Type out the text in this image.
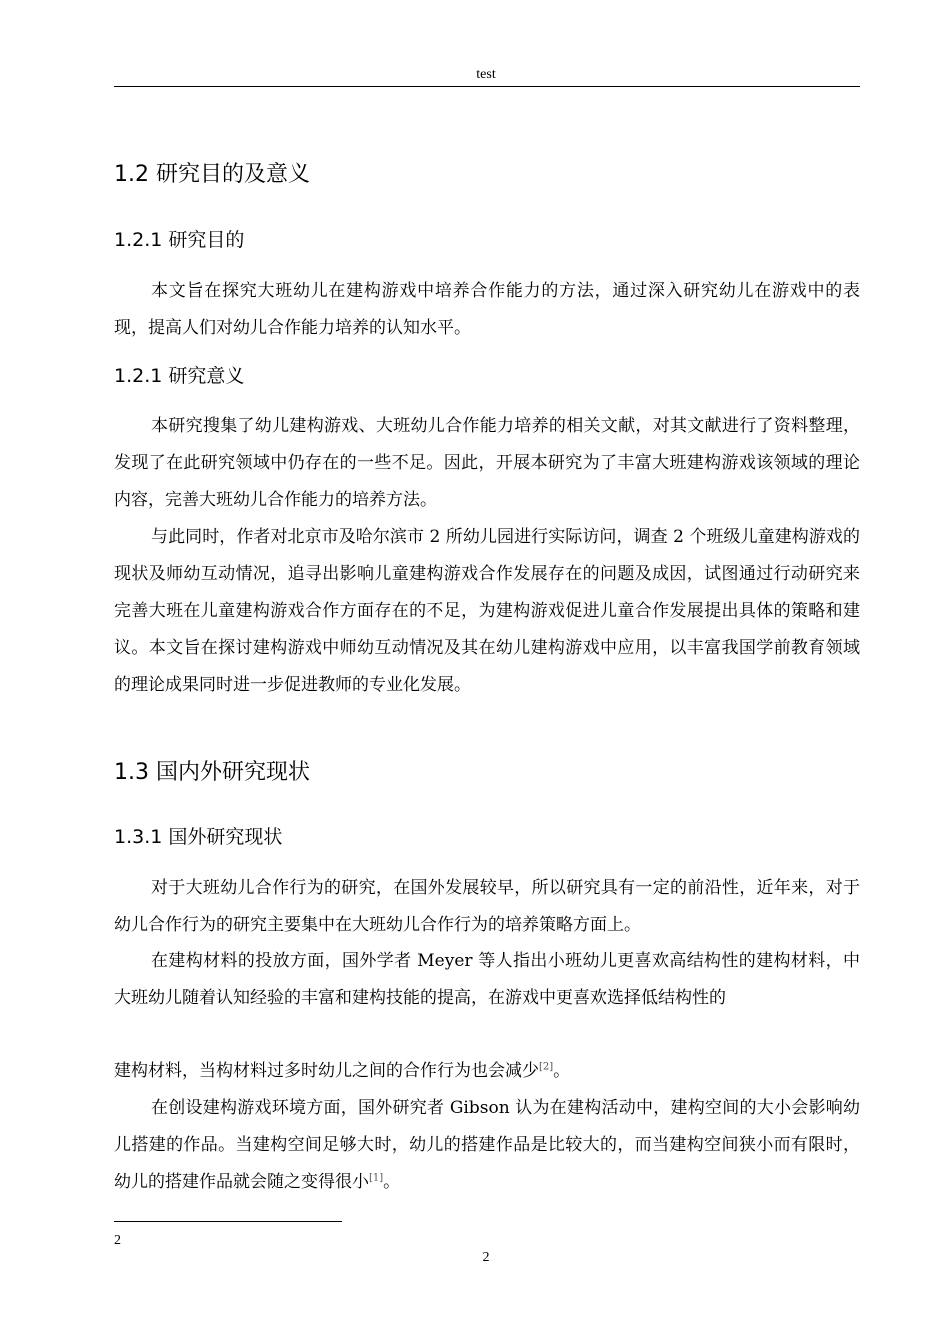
test
1.2 研究目的及意义
1.2.1 研究目的

本文旨在探究大班幼儿在建构游戏中培养合作能力的方法，通过深入研究幼儿在游戏中的表现，提高人们对幼儿合作能力培养的认知水平。

1.2.1 研究意义

本研究搜集了幼儿建构游戏、大班幼儿合作能力培养的相关文献，对其文献进行了资料整理，发现了在此研究领域中仍存在的一些不足。因此，开展本研究为了丰富大班建构游戏该领域的理论内容，完善大班幼儿合作能力的培养方法。

与此同时，作者对北京市及哈尔滨市 2 所幼儿园进行实际访问，调查 2 个班级儿童建构游戏的现状及师幼互动情况，追寻出影响儿童建构游戏合作发展存在的问题及成因，试图通过行动研究来完善大班在儿童建构游戏合作方面存在的不足，为建构游戏促进儿童合作发展提出具体的策略和建议。本文旨在探讨建构游戏中师幼互动情况及其在幼儿建构游戏中应用，以丰富我国学前教育领域的理论成果同时进一步促进教师的专业化发展。

1.3 国内外研究现状
1.3.1 国外研究现状

对于大班幼儿合作行为的研究，在国外发展较早，所以研究具有一定的前沿性，近年来，对于幼儿合作行为的研究主要集中在大班幼儿合作行为的培养策略方面上。

在建构材料的投放方面，国外学者 Meyer 等人指出小班幼儿更喜欢高结构性的建构材料，中大班幼儿随着认知经验的丰富和建构技能的提高，在游戏中更喜欢选择低结构性的

建构材料，当构材料过多时幼儿之间的合作行为也会减少[2]。

在创设建构游戏环境方面，国外研究者 Gibson 认为在建构活动中，建构空间的大小会影响幼儿搭建的作品。当建构空间足够大时，幼儿的搭建作品是比较大的，而当建构空间狭小而有限时，幼儿的搭建作品就会随之变得很小[1]。

2
2
